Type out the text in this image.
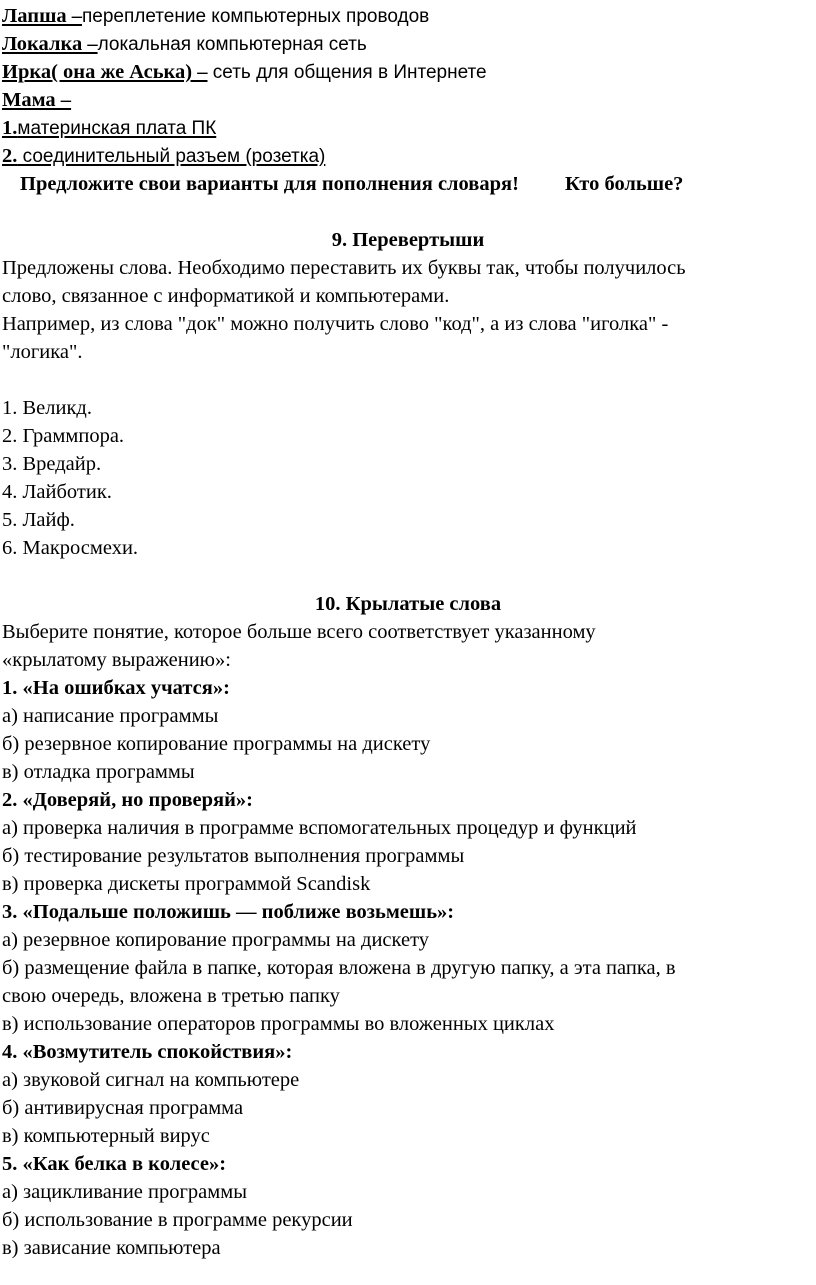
Лапша –переплетение компьютерных проводов
Локалка –локальная компьютерная сеть
Ирка( она же Аська) – сеть для общения в Интернете
Мама –
1.материнская плата ПК
2. соединительный разъем (розетка)
Предложите свои варианты для пополнения словаря! Кто больше?
9. Перевертыши
Предложены слова. Необходимо переставить их буквы так, чтобы получилось
слово, связанное с информатикой и компьютерами.
Например, из слова "док" можно получить слово "код", а из слова "иголка" -
"логика".
1. Великд.
2. Граммпора.
3. Вредайр.
4. Лайботик.
5. Лайф.
6. Макросмехи.
10. Крылатые слова
Выберите понятие, которое больше всего соответствует указанному
«крылатому выражению»:
1. «На ошибках учатся»:
а) написание программы
б) резервное копирование программы на дискету
в) отладка программы
2. «Доверяй, но проверяй»:
а) проверка наличия в программе вспомогательных процедур и функций
б) тестирование результатов выполнения программы
в) проверка дискеты программой Scandisk
3. «Подальше положишь — поближе возьмешь»:
а) резервное копирование программы на дискету
б) размещение файла в папке, которая вложена в другую папку, а эта папка, в
свою очередь, вложена в третью папку
в) использование операторов программы во вложенных циклах
4. «Возмутитель спокойствия»:
а) звуковой сигнал на компьютере
б) антивирусная программа
в) компьютерный вирус
5. «Как белка в колесе»:
а) зацикливание программы
б) использование в программе рекурсии
в) зависание компьютера
